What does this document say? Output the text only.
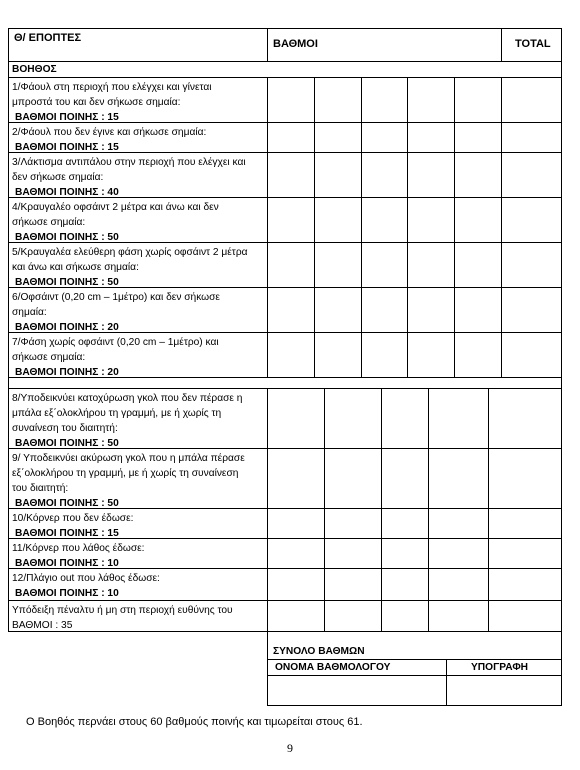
Θ/ ΕΠΟΠΤΕΣ	ΒΑΘΜΟΙ	TOTAL
ΒΟΗΘΟΣ
1/Φάουλ στη περιοχή που ελέγχει και γίνεται
μπροστά του και δεν σήκωσε σημαία:
ΒΑΘΜΟΙ ΠΟΙΝΗΣ : 15
2/Φάουλ που δεν έγινε και σήκωσε σημαία:
ΒΑΘΜΟΙ ΠΟΙΝΗΣ : 15
3/Λάκτισμα αντιπάλου στην περιοχή που ελέγχει και
δεν σήκωσε σημαία:
ΒΑΘΜΟΙ ΠΟΙΝΗΣ : 40
4/Κραυγαλέο οφσάιντ 2 μέτρα και άνω και δεν
σήκωσε σημαία:
ΒΑΘΜΟΙ ΠΟΙΝΗΣ : 50
5/Κραυγαλέα ελεύθερη φάση χωρίς οφσάιντ 2 μέτρα
και άνω και σήκωσε σημαία:
ΒΑΘΜΟΙ ΠΟΙΝΗΣ : 50
6/Οφσάιντ (0,20 cm – 1μέτρο) και δεν σήκωσε
σημαία:
ΒΑΘΜΟΙ ΠΟΙΝΗΣ : 20
7/Φάση χωρίς οφσάιντ (0,20 cm – 1μέτρο) και
σήκωσε σημαία:
ΒΑΘΜΟΙ ΠΟΙΝΗΣ : 20
8/Υποδεικνύει κατοχύρωση γκολ που δεν πέρασε η
μπάλα εξ΄ολοκλήρου τη γραμμή, με ή χωρίς τη
συναίνεση του διαιτητή:
ΒΑΘΜΟΙ ΠΟΙΝΗΣ : 50
9/ Υποδεικνύει ακύρωση γκολ που η μπάλα πέρασε
εξ΄ολοκλήρου τη γραμμή, με ή χωρίς τη συναίνεση
του διαιτητή:
ΒΑΘΜΟΙ ΠΟΙΝΗΣ : 50
10/Κόρνερ που δεν έδωσε:
ΒΑΘΜΟΙ ΠΟΙΝΗΣ : 15
11/Κόρνερ που λάθος έδωσε:
ΒΑΘΜΟΙ ΠΟΙΝΗΣ : 10
12/Πλάγιο out που λάθος έδωσε:
ΒΑΘΜΟΙ ΠΟΙΝΗΣ : 10
Υπόδειξη πέναλτυ ή μη στη περιοχή ευθύνης του
ΒΑΘΜΟΙ : 35
ΣΥΝΟΛΟ ΒΑΘΜΩΝ
ΟΝΟΜΑ ΒΑΘΜΟΛΟΓΟΥ	ΥΠΟΓΡΑΦΗ
Ο Βοηθός περνάει στους 60 βαθμούς ποινής και τιμωρείται στους 61.
9
